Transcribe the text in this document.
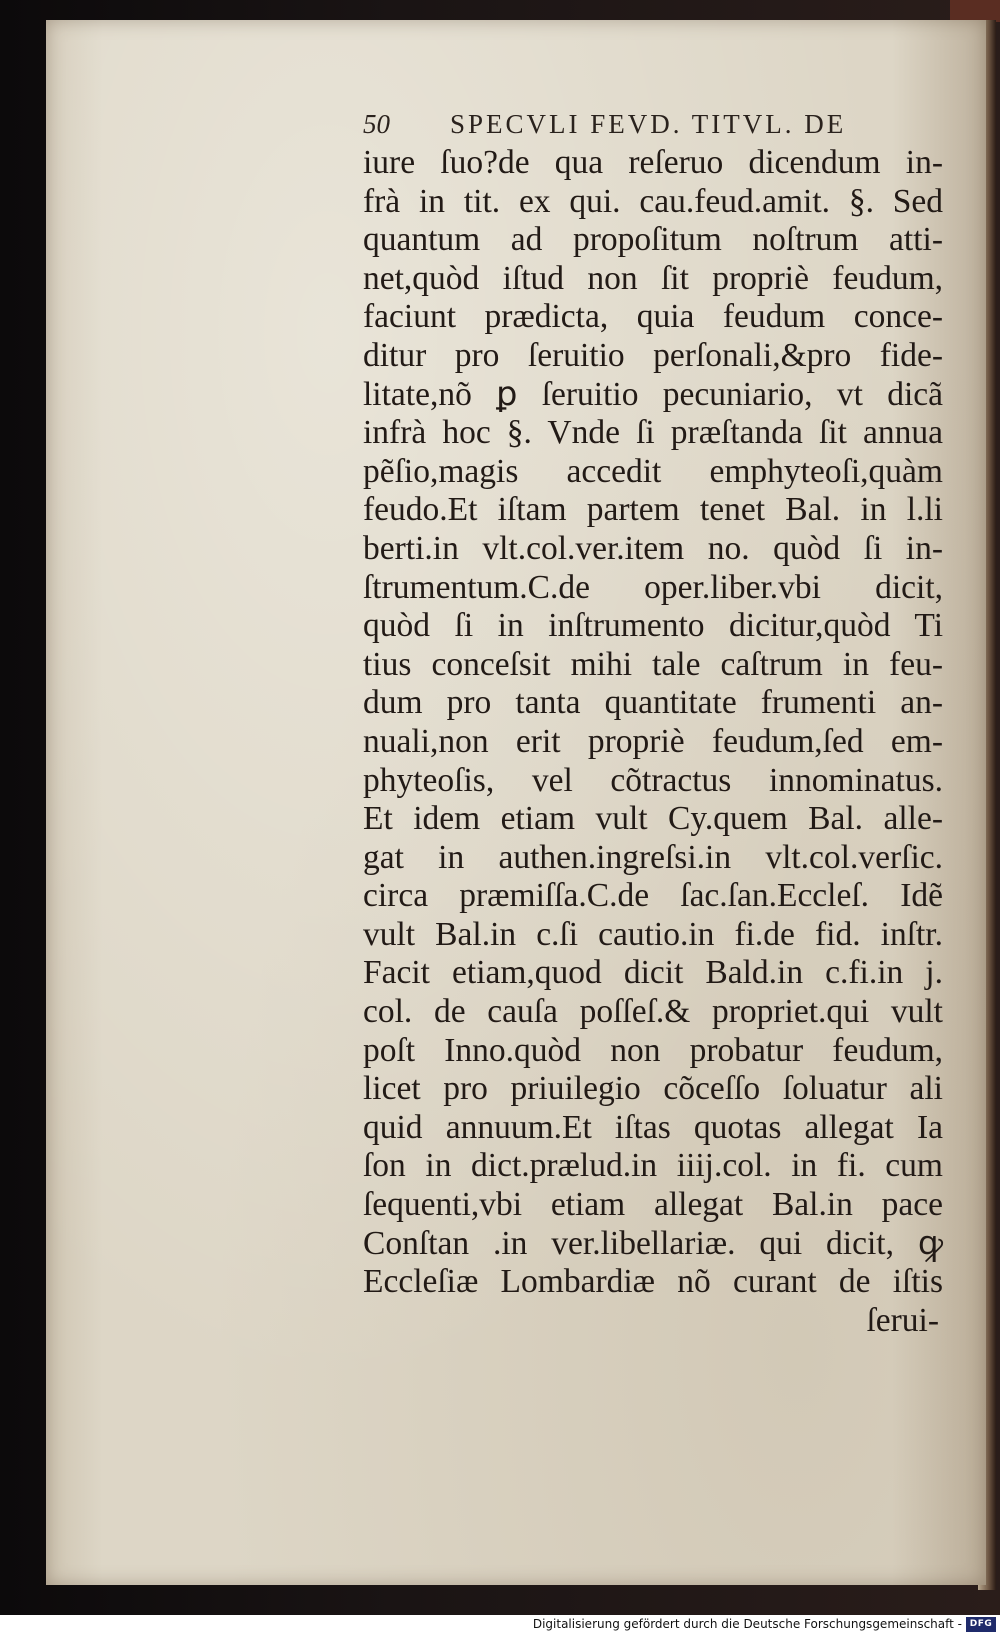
50 SPECVLI FEVD. TITVL. DE
iure ſuo?de qua reſeruo dicendum in-
frà in tit. ex qui. cau.feud.amit. §. Sed
quantum ad propoſitum noſtrum atti-
net,quòd iſtud non ſit propriè feudum,
faciunt prædicta, quia feudum conce-
ditur pro ſeruitio perſonali,&pro fide-
litate,nõ ꝑ ſeruitio pecuniario, vt dicã
infrà hoc §. Vnde ſi præſtanda ſit annua
pẽſio,magis accedit emphyteoſi,quàm
feudo.Et iſtam partem tenet Bal. in l.li
berti.in vlt.col.ver.item no. quòd ſi in-
ſtrumentum.C.de oper.liber.vbi dicit,
quòd ſi in inſtrumento dicitur,quòd Ti
tius conceſsit mihi tale caſtrum in feu-
dum pro tanta quantitate frumenti an-
nuali,non erit propriè feudum,ſed em-
phyteoſis, vel cõtractus innominatus.
Et idem etiam vult Cy.quem Bal. alle-
gat in authen.ingreſsi.in vlt.col.verſic.
circa præmiſſa.C.de ſac.ſan.Eccleſ. Idẽ
vult Bal.in c.ſi cautio.in fi.de fid. inſtr.
Facit etiam,quod dicit Bald.in c.fi.in j.
col. de cauſa poſſeſ.& propriet.qui vult
poſt Inno.quòd non probatur feudum,
licet pro priuilegio cõceſſo ſoluatur ali
quid annuum.Et iſtas quotas allegat Ia
ſon in dict.prælud.in iiij.col. in fi. cum
ſequenti,vbi etiam allegat Bal.in pace
Conſtan .in ver.libellariæ. qui dicit, ꝙ
Eccleſiæ Lombardiæ nõ curant de iſtis
ſerui-
Digitalisierung gefördert durch die Deutsche Forschungsgemeinschaft - DFG
